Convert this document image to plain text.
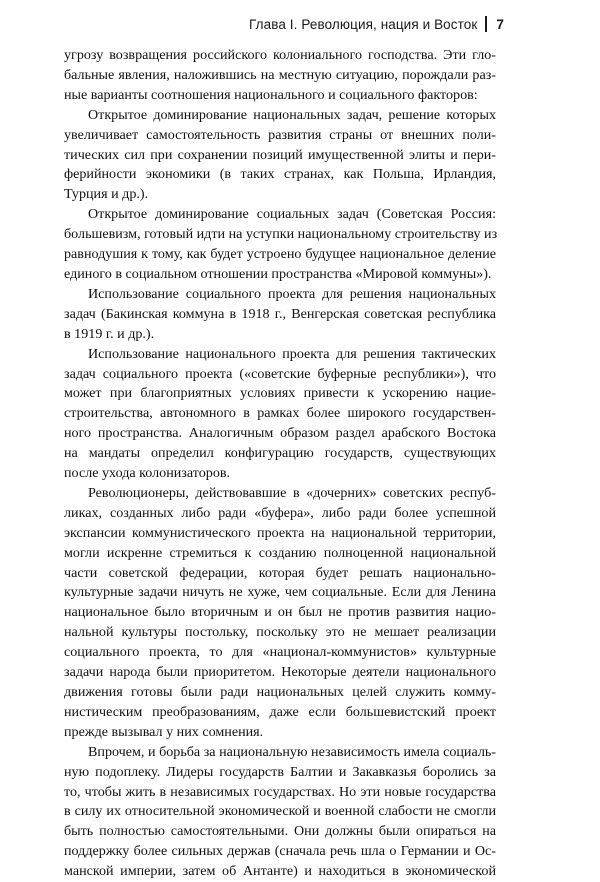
Глава I. Революция, нация и Восток 7

угрозу возвращения российского колониального господства. Эти гло-
бальные явления, наложившись на местную ситуацию, порождали раз-
ные варианты соотношения национального и социального факторов:

Открытое доминирование национальных задач, решение которых
увеличивает самостоятельность развития страны от внешних поли-
тических сил при сохранении позиций имущественной элиты и пери-
ферийности экономики (в таких странах, как Польша, Ирландия,
Турция и др.).

Открытое доминирование социальных задач (Советская Россия:
большевизм, готовый идти на уступки национальному строительству из
равнодушия к тому, как будет устроено будущее национальное деление
единого в социальном отношении пространства «Мировой коммуны»).

Использование социального проекта для решения национальных
задач (Бакинская коммуна в 1918 г., Венгерская советская республика
в 1919 г. и др.).

Использование национального проекта для решения тактических
задач социального проекта («советские буферные республики»), что
может при благоприятных условиях привести к ускорению нацие-
строительства, автономного в рамках более широкого государствен-
ного пространства. Аналогичным образом раздел арабского Востока
на мандаты определил конфигурацию государств, существующих
после ухода колонизаторов.

Революционеры, действовавшие в «дочерних» советских респуб-
ликах, созданных либо ради «буфера», либо ради более успешной
экспансии коммунистического проекта на национальной территории,
могли искренне стремиться к созданию полноценной национальной
части советской федерации, которая будет решать национально-
культурные задачи ничуть не хуже, чем социальные. Если для Ленина
национальное было вторичным и он был не против развития нацио-
нальной культуры постольку, поскольку это не мешает реализации
социального проекта, то для «национал-коммунистов» культурные
задачи народа были приоритетом. Некоторые деятели национального
движения готовы были ради национальных целей служить комму-
нистическим преобразованиям, даже если большевистский проект
прежде вызывал у них сомнения.

Впрочем, и борьба за национальную независимость имела социаль-
ную подоплеку. Лидеры государств Балтии и Закавказья боролись за
то, чтобы жить в независимых государствах. Но эти новые государства
в силу их относительной экономической и военной слабости не смогли
быть полностью самостоятельными. Они должны были опираться на
поддержку более сильных держав (сначала речь шла о Германии и Ос-
манской империи, затем об Антанте) и находиться в экономической
